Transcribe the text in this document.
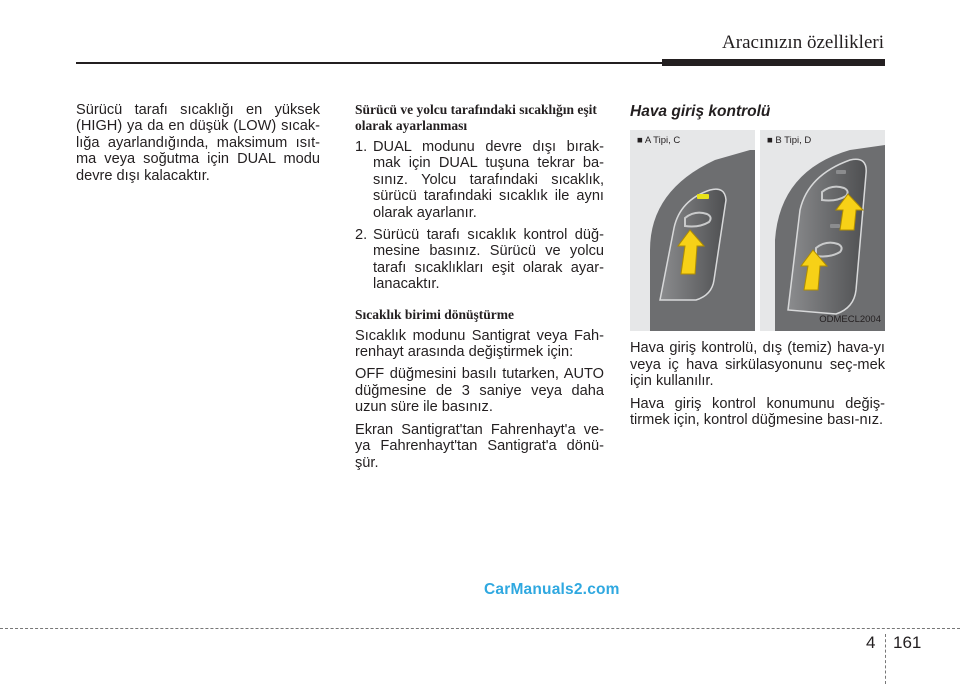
Aracınızın özellikleri

Sürücü tarafı sıcaklığı en yüksek (HIGH) ya da en düşük (LOW) sıcak-lığa ayarlandığında, maksimum ısıt-ma veya soğutma için DUAL modu devre dışı kalacaktır.

Sürücü ve yolcu tarafındaki sıcaklığın eşit olarak ayarlanması
1. DUAL modunu devre dışı bırak-mak için DUAL tuşuna tekrar ba-sınız. Yolcu tarafındaki sıcaklık, sürücü tarafındaki sıcaklık ile aynı olarak ayarlanır.
2. Sürücü tarafı sıcaklık kontrol düğ-mesine basınız. Sürücü ve yolcu tarafı sıcaklıkları eşit olarak ayar-lanacaktır.
Sıcaklık birimi dönüştürme

Sıcaklık modunu Santigrat veya Fah-renhayt arasında değiştirmek için:

OFF düğmesini basılı tutarken, AUTO düğmesine de 3 saniye veya daha uzun süre ile basınız.

Ekran Santigrat'tan Fahrenhayt'a ve-ya Fahrenhayt'tan Santigrat'a dönü-şür.

Hava giriş kontrolü
■ A Tipi, C	■ B Tipi, D
ODMECL2004

Hava giriş kontrolü, dış (temiz) hava-yı veya iç hava sirkülasyonunu seç-mek için kullanılır.

Hava giriş kontrol konumunu değiş-tirmek için, kontrol düğmesine bası-nız.

CarManuals2.com
4 161
